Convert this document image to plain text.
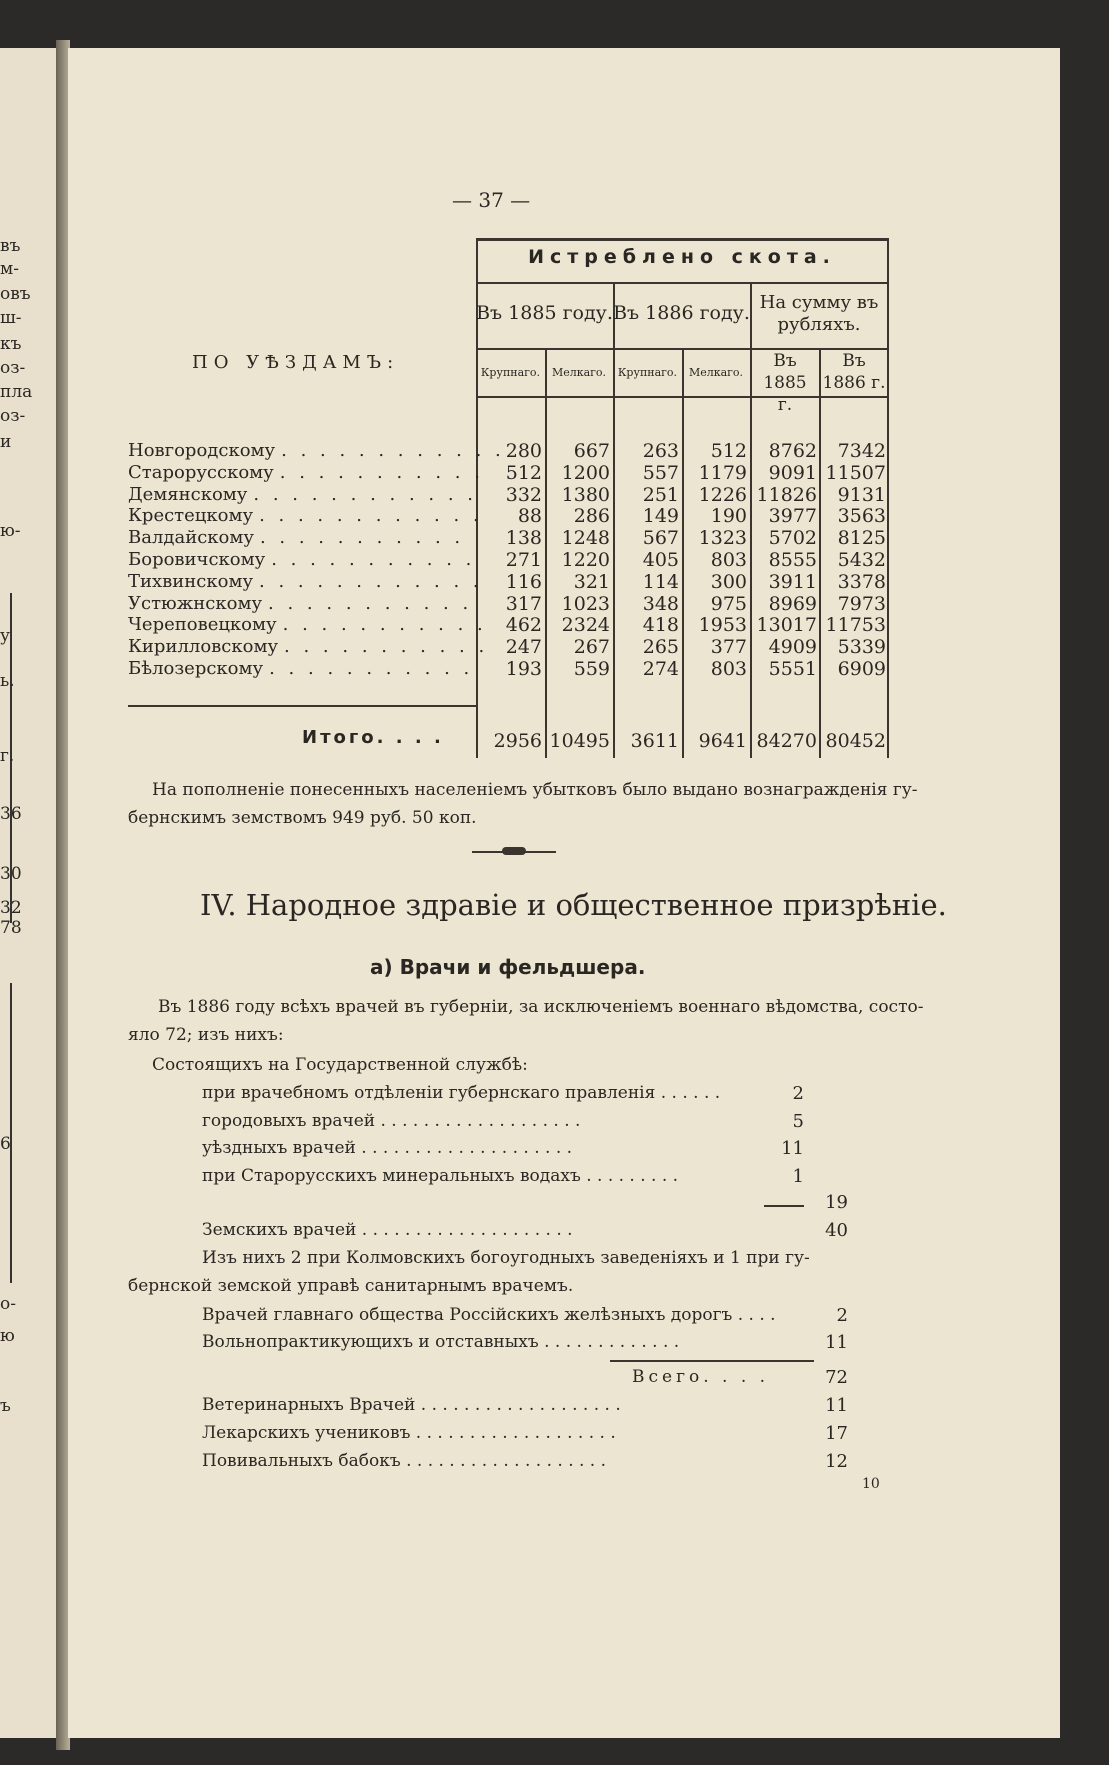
въ
м-
овъ
ш-
къ
оз-
пла
оз-
и
ю-
у
ь.
г.
36
30
32
78
6
о-
ю
ъ
— 37 —
Истреблено скота.
Въ 1885 году. Въ 1886 году. На сумму въ рубляхъ.
Крупнаго.	Мелкаго.	Крупнаго.	Мелкаго.
Въ 1885 г.
Въ 1886 г.
ПО УѢЗДАМЪ:
Новгородскому . . . . . . . . . . . . 280	667	263	512	8762	7342
Старорусскому . . . . . . . . . . .	512	1200	557	1179	9091 11507
Демянскому . . . . . . . . . . . .	332	1380	251	1226 11826	9131
Крестецкому . . . . . . . . . . . .	88	286	149	190	3977	3563
Валдайскому . . . . . . . . . . .	138	1248	567	1323	5702	8125
Боровичскому . . . . . . . . . . .	271	1220	405	803	8555	5432
Тихвинскому . . . . . . . . . . . .	116	321	114	300	3911	3378
Устюжнскому . . . . . . . . . . .	317	1023	348	975	8969	7973
Череповецкому . . . . . . . . . . . 462	2324	418	1953 13017 11753
Кирилловскому . . . . . . . . . . . 247	267	265	377	4909	5339
Бѣлозерскому . . . . . . . . . . .	193	559	274	803	5551	6909
Итого. . . .	2956 10495	3611	9641 84270 80452
На пополненіе понесенныхъ населеніемъ убытковъ было выдано вознагражденія гу-
бернскимъ земствомъ 949 руб. 50 коп.
IV. Народное здравіе и общественное призрѣніе.
а) Врачи и фельдшера.
Въ 1886 году всѣхъ врачей въ губерніи, за исключеніемъ военнаго вѣдомства, состо-
яло 72; изъ нихъ:
Состоящихъ на Государственной службѣ:
при врачебномъ отдѣленіи губернскаго правленія . . . . . .	2
городовыхъ врачей . . . . . . . . . . . . . . . . . . .	5
уѣздныхъ врачей . . . . . . . . . . . . . . . . . . . .	11
при Старорусскихъ минеральныхъ водахъ . . . . . . . . .	1
19
Земскихъ врачей . . . . . . . . . . . . . . . . . . . .	40
Изъ нихъ 2 при Колмовскихъ богоугодныхъ заведеніяхъ и 1 при гу-
бернской земской управѣ санитарнымъ врачемъ.
Врачей главнаго общества Россійскихъ желѣзныхъ дорогъ . . . .	2
Вольнопрактикующихъ и отставныхъ . . . . . . . . . . . . .	11
Всего. . . .	72
Ветеринарныхъ Врачей . . . . . . . . . . . . . . . . . . .	11
Лекарскихъ учениковъ . . . . . . . . . . . . . . . . . . .	17
Повивальныхъ бабокъ . . . . . . . . . . . . . . . . . . .	12
10
